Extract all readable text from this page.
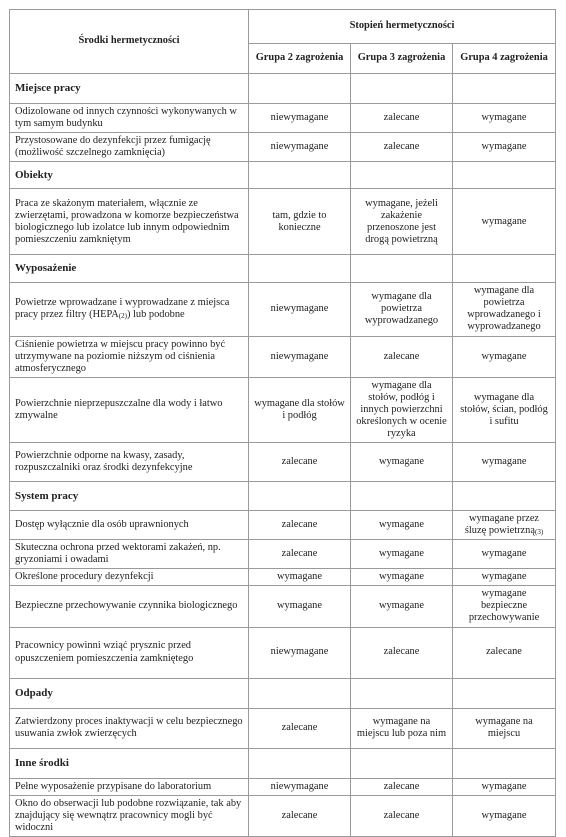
Środki hermetyczności	Stopień hermetyczności		
	Grupa 2 zagrożenia	Grupa 3 zagrożenia	Grupa 4 zagrożenia
Miejsce pracy			
Odizolowane od innych czynności wykonywanych w tym samym budynku	niewymagane	zalecane	wymagane
Przystosowane do dezynfekcji przez fumigację (możliwość szczelnego zamknięcia)	niewymagane	zalecane	wymagane
Obiekty			
Praca ze skażonym materiałem, włącznie ze zwierzętami, prowadzona w komorze bezpieczeństwa biologicznego lub izolatce lub innym odpowiednim pomieszczeniu zamkniętym	tam, gdzie to konieczne	wymagane, jeżeli zakażenie przenoszone jest drogą powietrzną	wymagane
Wyposażenie			
Powietrze wprowadzane i wyprowadzane z miejsca pracy przez filtry $(HEPA_{(2)})$ lub podobne	niewymagane	wymagane dla powietrza wyprowadzanego	wymagane dla powietrza wprowadzanego i wyprowadzanego
Ciśnienie powietrza w miejscu pracy powinno być utrzymywane na poziomie niższym od ciśnienia atmosferycznego	niewymagane	zalecane	wymagane
Powierzchnie nieprzepuszczalne dla wody i łatwo zmywalne	wymagane dla stołów i podłóg	wymagane dla stołów, podłóg i innych powierzchni określonych w ocenie ryzyka	wymagane dla stołów, ścian, podłóg i sufitu
Powierzchnie odporne na kwasy, zasady, rozpuszczalniki oraz środki dezynfekcyjne	zalecane	wymagane	wymagane
System pracy			
Dostęp wyłącznie dla osób uprawnionych	zalecane	wymagane	wymagane przez śluzę powietrzną$_{(3)}$
Skuteczna ochrona przed wektorami zakażeń, np. gryzoniami i owadami	zalecane	wymagane	wymagane
Określone procedury dezynfekcji	wymagane	wymagane	wymagane
Bezpieczne przechowywanie czynnika biologicznego	wymagane	wymagane	wymagane bezpieczne przechowywanie
Pracownicy powinni wziąć prysznic przed opuszczeniem pomieszczenia zamkniętego	niewymagane	zalecane	zalecane
Odpady			
Zatwierdzony proces inaktywacji w celu bezpiecznego usuwania zwłok zwierzęcych	zalecane	wymagane na miejscu lub poza nim	wymagane na miejscu
Inne środki			
Pełne wyposażenie przypisane do laboratorium	niewymagane	zalecane	wymagane
Okno do obserwacji lub podobne rozwiązanie, tak aby znajdujący się wewnątrz pracownicy mogli być widoczni	zalecane	zalecane	wymagane
